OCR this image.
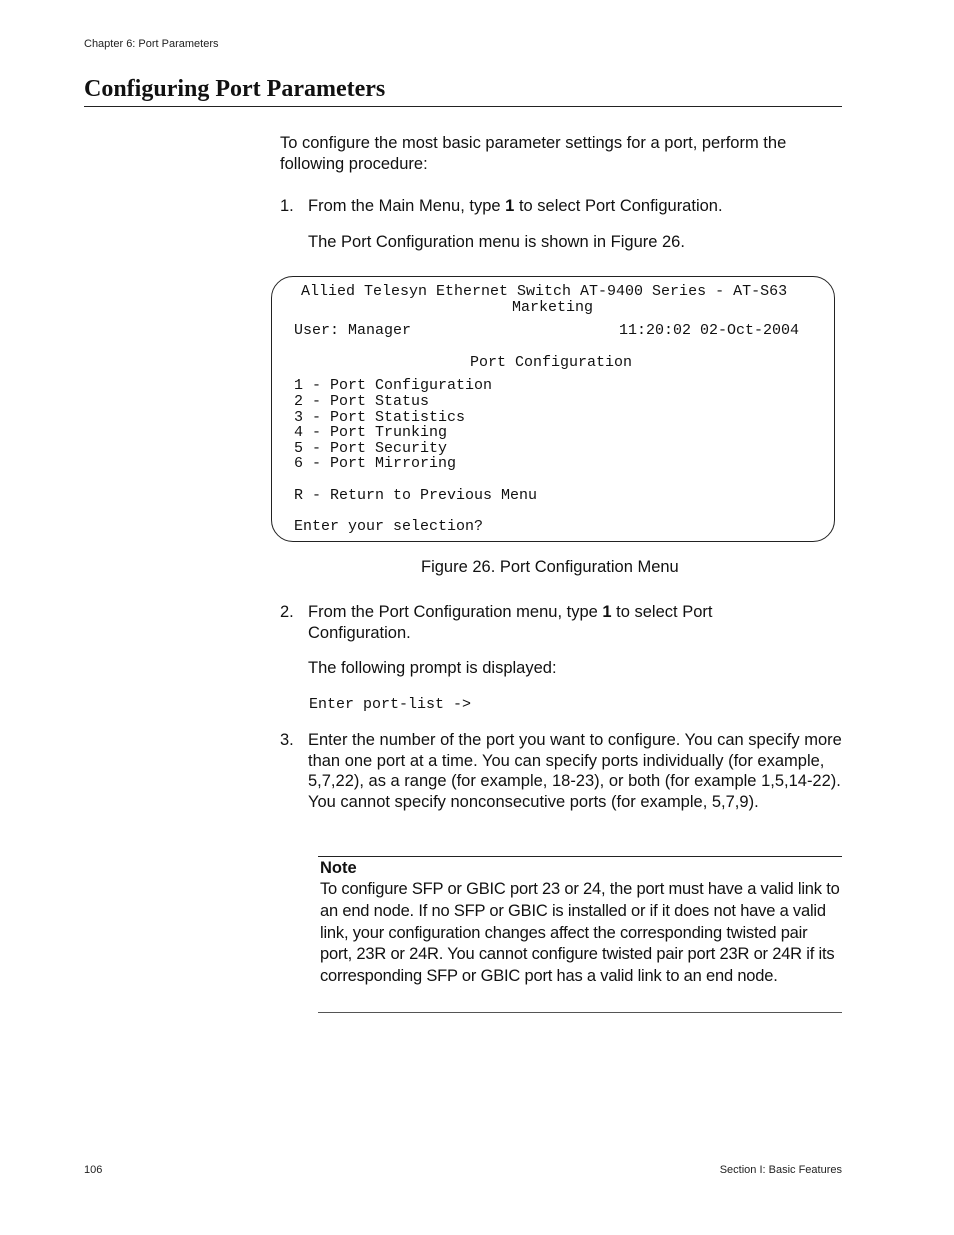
Chapter 6: Port Parameters
Configuring Port Parameters
To configure the most basic parameter settings for a port, perform the following procedure:
1. From the Main Menu, type 1 to select Port Configuration.
The Port Configuration menu is shown in Figure 26.
Allied Telesyn Ethernet Switch AT-9400 Series - AT-S63
Marketing
User: Manager	11:20:02 02-Oct-2004
Port Configuration
1 - Port Configuration
2 - Port Status
3 - Port Statistics
4 - Port Trunking
5 - Port Security
6 - Port Mirroring
R - Return to Previous Menu
Enter your selection?
Figure 26. Port Configuration Menu
2. From the Port Configuration menu, type 1 to select Port Configuration.
The following prompt is displayed:
Enter port-list ->
3. Enter the number of the port you want to configure. You can specify more than one port at a time. You can specify ports individually (for example, 5,7,22), as a range (for example, 18-23), or both (for example 1,5,14-22). You cannot specify nonconsecutive ports (for example, 5,7,9).
Note
To configure SFP or GBIC port 23 or 24, the port must have a valid link to an end node. If no SFP or GBIC is installed or if it does not have a valid link, your configuration changes affect the corresponding twisted pair port, 23R or 24R. You cannot configure twisted pair port 23R or 24R if its corresponding SFP or GBIC port has a valid link to an end node.
106	Section I: Basic Features
